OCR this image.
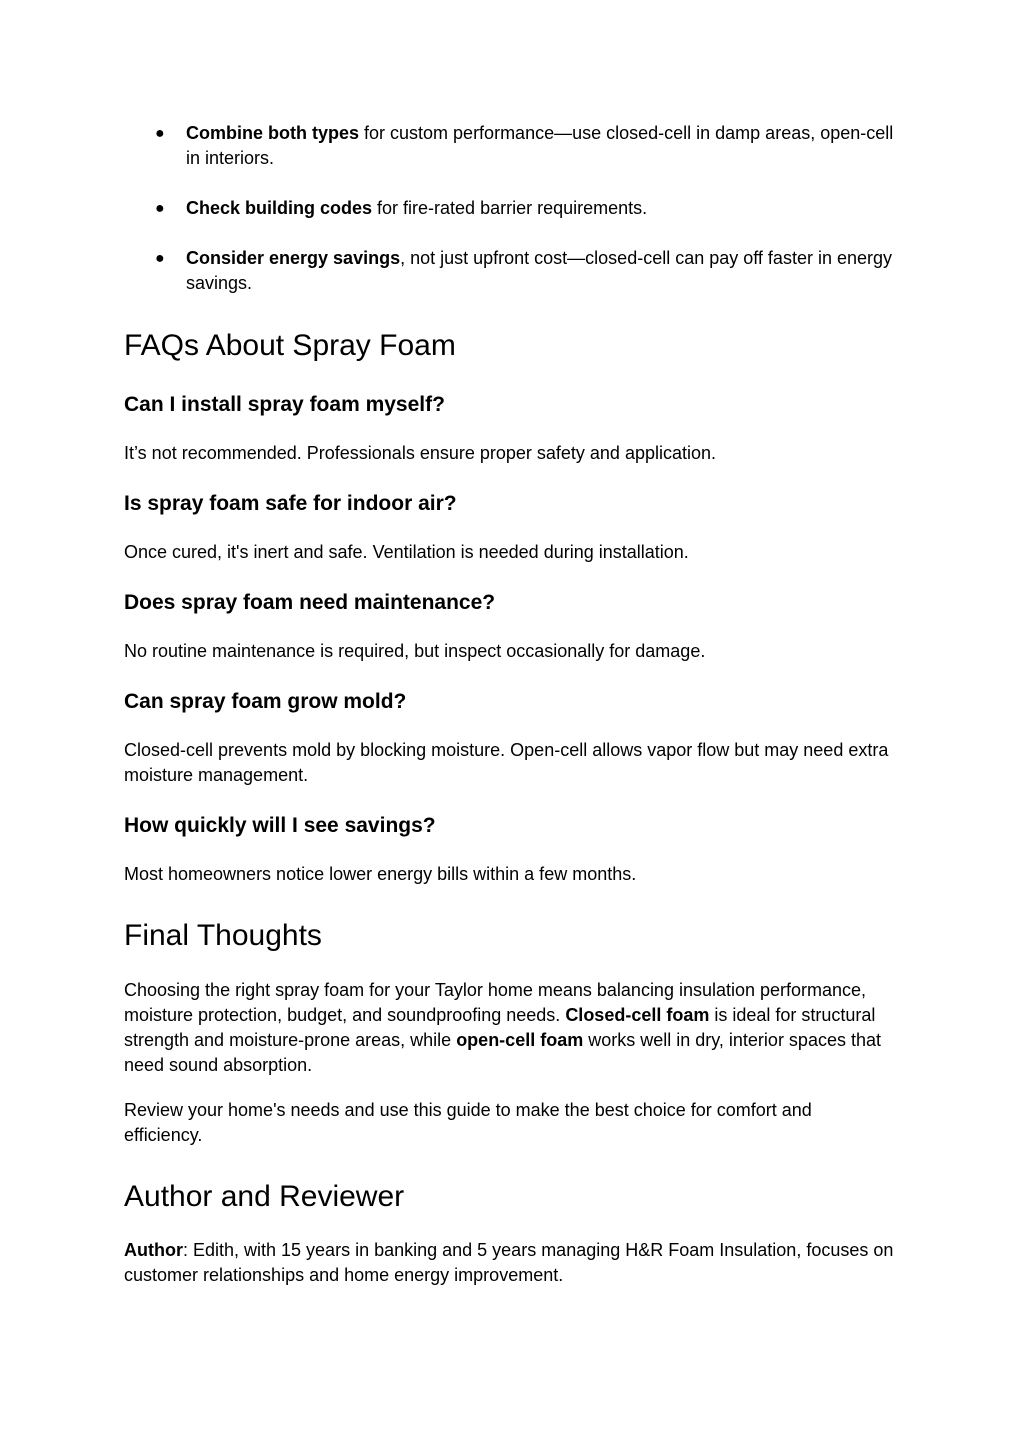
● Combine both types for custom performance—use closed-cell in damp areas, open-cell in interiors.
● Check building codes for fire-rated barrier requirements.
● Consider energy savings, not just upfront cost—closed-cell can pay off faster in energy savings.
FAQs About Spray Foam
Can I install spray foam myself?

It’s not recommended. Professionals ensure proper safety and application.

Is spray foam safe for indoor air?

Once cured, it's inert and safe. Ventilation is needed during installation.

Does spray foam need maintenance?

No routine maintenance is required, but inspect occasionally for damage.

Can spray foam grow mold?

Closed-cell prevents mold by blocking moisture. Open-cell allows vapor flow but may need extra moisture management.

How quickly will I see savings?

Most homeowners notice lower energy bills within a few months.

Final Thoughts

Choosing the right spray foam for your Taylor home means balancing insulation performance, moisture protection, budget, and soundproofing needs. Closed-cell foam is ideal for structural strength and moisture-prone areas, while open-cell foam works well in dry, interior spaces that need sound absorption.

Review your home's needs and use this guide to make the best choice for comfort and efficiency.

Author and Reviewer

Author: Edith, with 15 years in banking and 5 years managing H&R Foam Insulation, focuses on customer relationships and home energy improvement.
